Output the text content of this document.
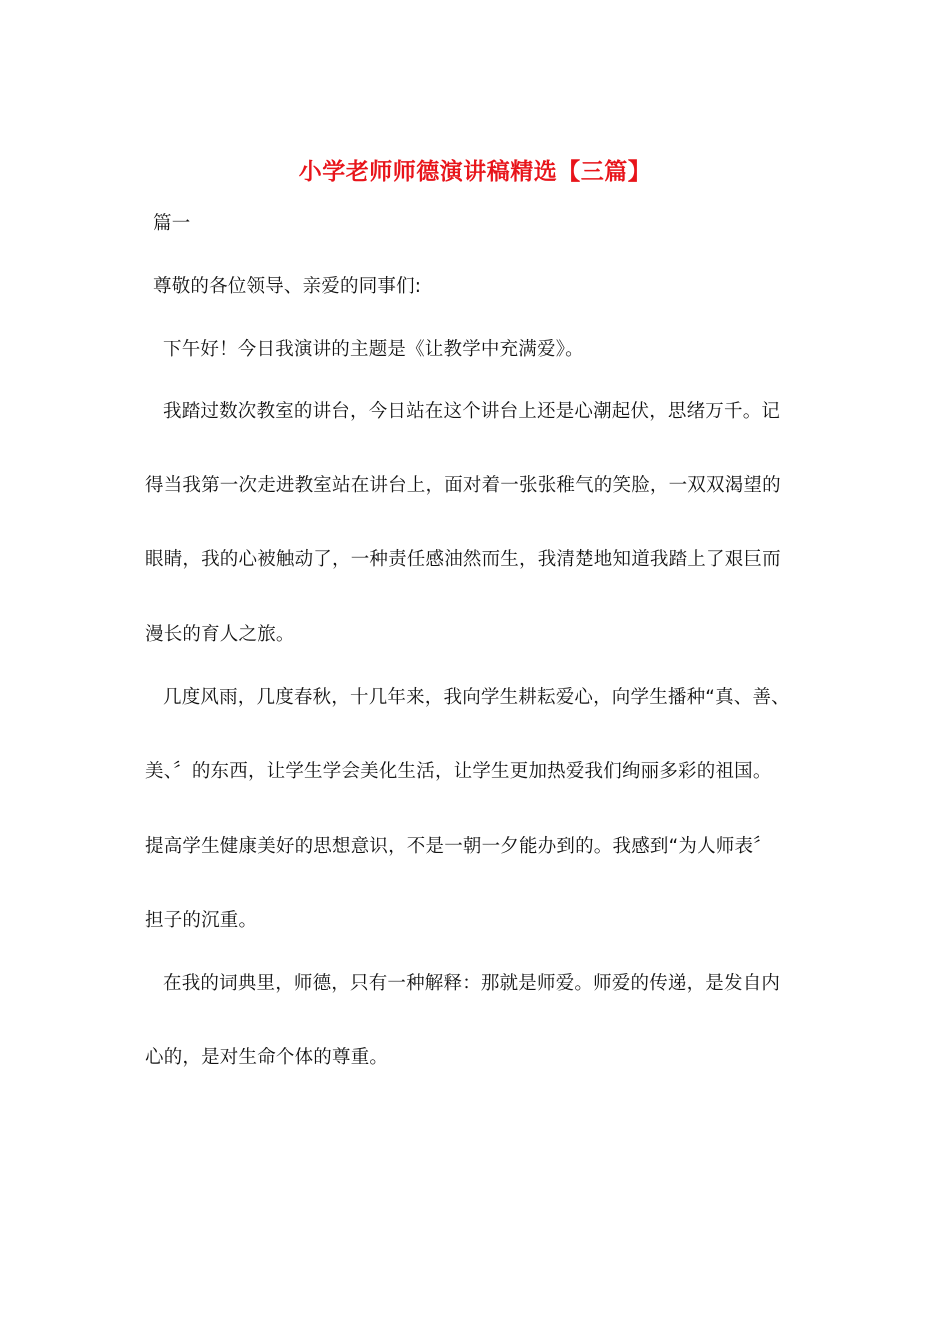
小学老师师德演讲稿精选【三篇】
篇一
尊敬的各位领导、亲爱的同事们:
下午好！今日我演讲的主题是《让教学中充满爱》。
我踏过数次教室的讲台，今日站在这个讲台上还是心潮起伏，思绪万千。记
得当我第一次走进教室站在讲台上，面对着一张张稚气的笑脸，一双双渴望的
眼睛，我的心被触动了，一种责任感油然而生，我清楚地知道我踏上了艰巨而
漫长的育人之旅。
几度风雨，几度春秋，十几年来，我向学生耕耘爱心，向学生播种“真、善、
美、〞的东西，让学生学会美化生活，让学生更加热爱我们绚丽多彩的祖国。
提高学生健康美好的思想意识，不是一朝一夕能办到的。我感到“为人师表〞
担子的沉重。
在我的词典里，师德，只有一种解释：那就是师爱。师爱的传递，是发自内
心的，是对生命个体的尊重。
